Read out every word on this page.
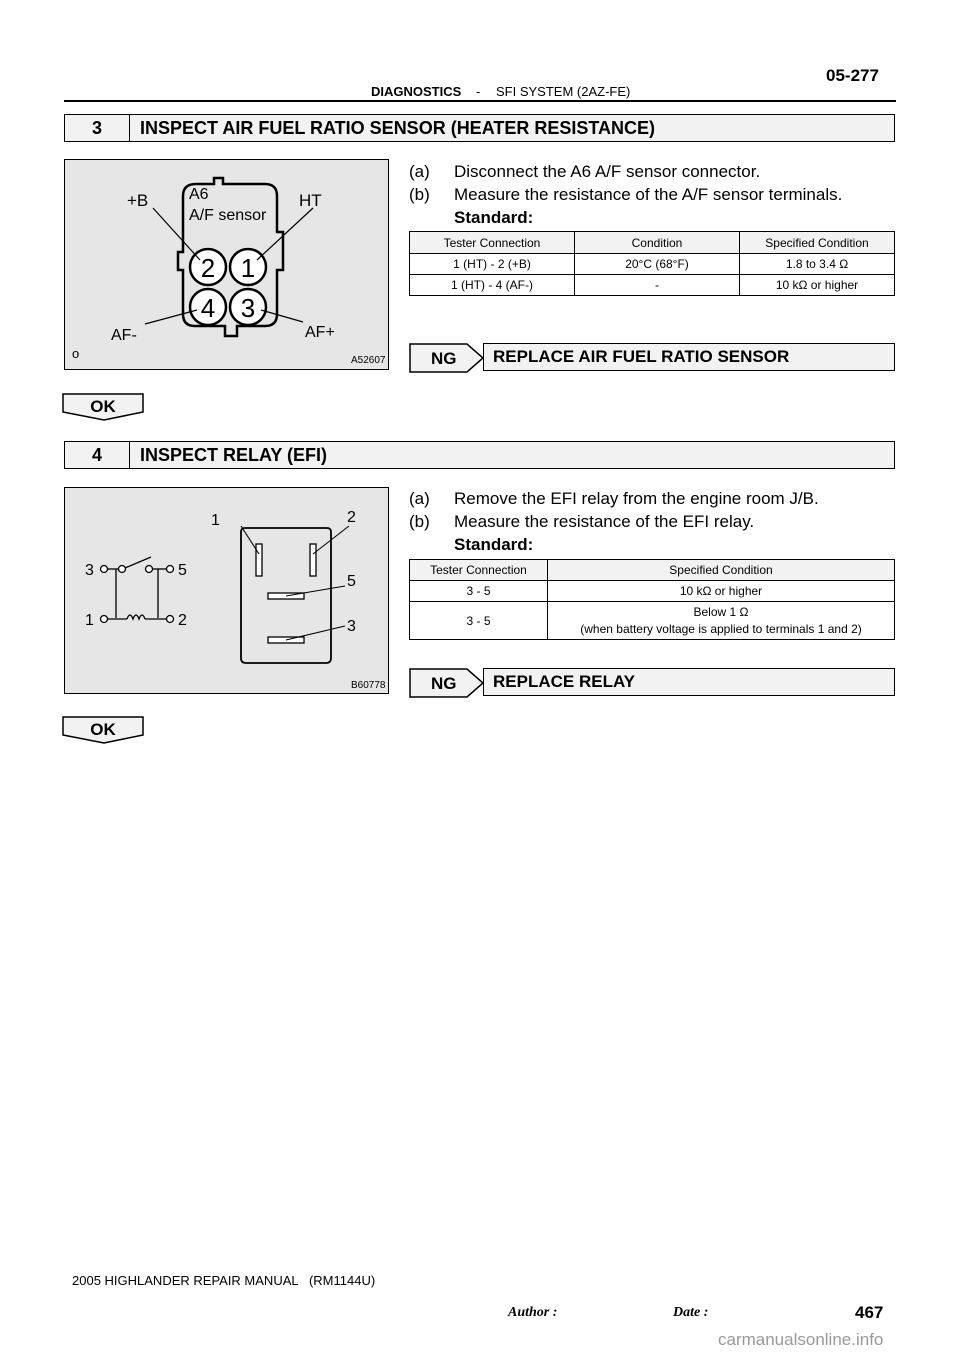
05-277
DIAGNOSTICS - SFI SYSTEM (2AZ-FE)
3	INSPECT AIR FUEL RATIO SENSOR (HEATER RESISTANCE)
2 1
4 3
+B	A6
A/F sensor
HT
AF-	AF+
o	A52607
(a) Disconnect the A6 A/F sensor connector.
(b) Measure the resistance of the A/F sensor terminals.
Standard:
Tester Connection	Condition	Specified Condition
1 (HT) - 2 (+B)	20°C (68°F)	1.8 to 3.4 Ω
1 (HT) - 4 (AF-)	-	10 kΩ or higher
NG	REPLACE AIR FUEL RATIO SENSOR
OK
4	INSPECT RELAY (EFI)
3	5
1	2
1	2
5
3
B60778
(a) Remove the EFI relay from the engine room J/B.
(b) Measure the resistance of the EFI relay.
Standard:
Tester Connection	Specified Condition
3 - 5	10 kΩ or higher
3 - 5	Below 1 Ω
(when battery voltage is applied to terminals 1 and 2)
NG	REPLACE RELAY
OK
2005 HIGHLANDER REPAIR MANUAL   (RM1144U)
Author :	Date :	467
carmanualsonline.info
